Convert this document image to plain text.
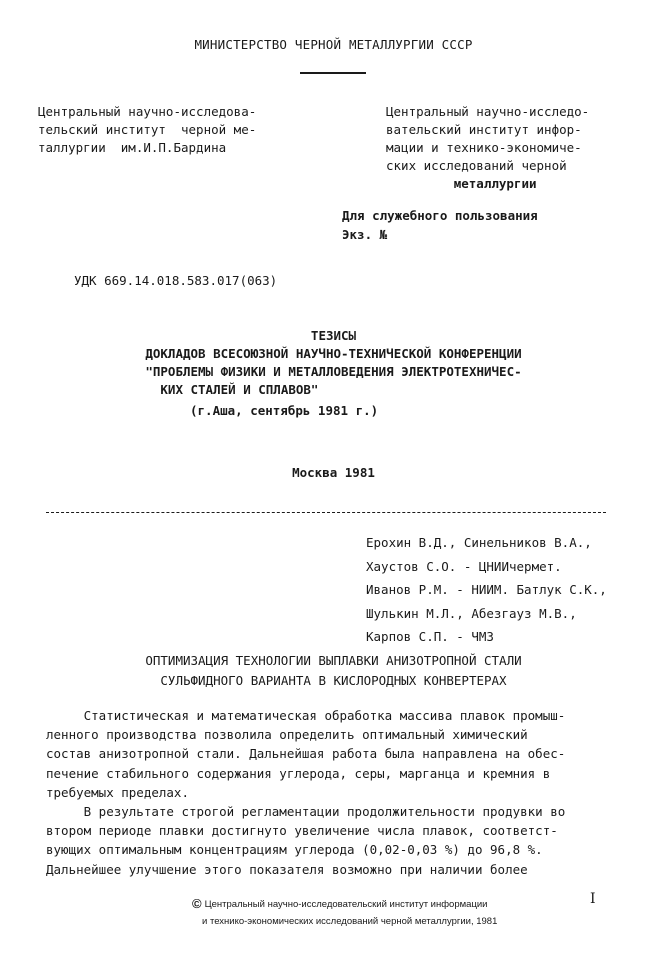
МИНИСТЕРСТВО ЧЕРНОЙ МЕТАЛЛУРГИИ СССР
Центральный научно-исследова-
тельский институт  черной ме-
таллургии  им.И.П.Бардина
Центральный научно-исследо-
вательский институт инфор-
мации и технико-экономиче-
ских исследований черной
металлургии
Для служебного пользования
Экз. №
УДК 669.14.018.583.017(063)
ТЕЗИСЫ
ДОКЛАДОВ ВСЕСОЮЗНОЙ НАУЧНО-ТЕХНИЧЕСКОЙ КОНФЕРЕНЦИИ
"ПРОБЛЕМЫ ФИЗИКИ И МЕТАЛЛОВЕДЕНИЯ ЭЛЕКТРОТЕХНИЧЕС-
КИХ СТАЛЕЙ И СПЛАВОВ"
(г.Аша, сентябрь 1981 г.)
Москва 1981
Ерохин В.Д., Синельников В.А.,
Хаустов С.О. - ЦНИИчермет.
Иванов Р.М. - НИИМ. Батлук С.К.,
Шулькин М.Л., Абезгауз М.В.,
Карпов С.П. - ЧМЗ
ОПТИМИЗАЦИЯ ТЕХНОЛОГИИ ВЫПЛАВКИ АНИЗОТРОПНОЙ СТАЛИ
СУЛЬФИДНОГО ВАРИАНТА В КИСЛОРОДНЫХ КОНВЕРТЕРАХ
Статистическая и математическая обработка массива плавок промыш-
ленного производства позволила определить оптимальный химический
состав анизотропной стали. Дальнейшая работа была направлена на обес-
печение стабильного содержания углерода, серы, марганца и кремния в
требуемых пределах.
В результате строгой регламентации продолжительности продувки во
втором периоде плавки достигнуто увеличение числа плавок, соответст-
вующих оптимальным концентрациям углерода (0,02-0,03 %) до 96,8 %.
Дальнейшее улучшение этого показателя возможно при наличии более
© Центральный научно-исследовательский институт информации
и технико-экономических исследований черной металлургии, 1981
I
